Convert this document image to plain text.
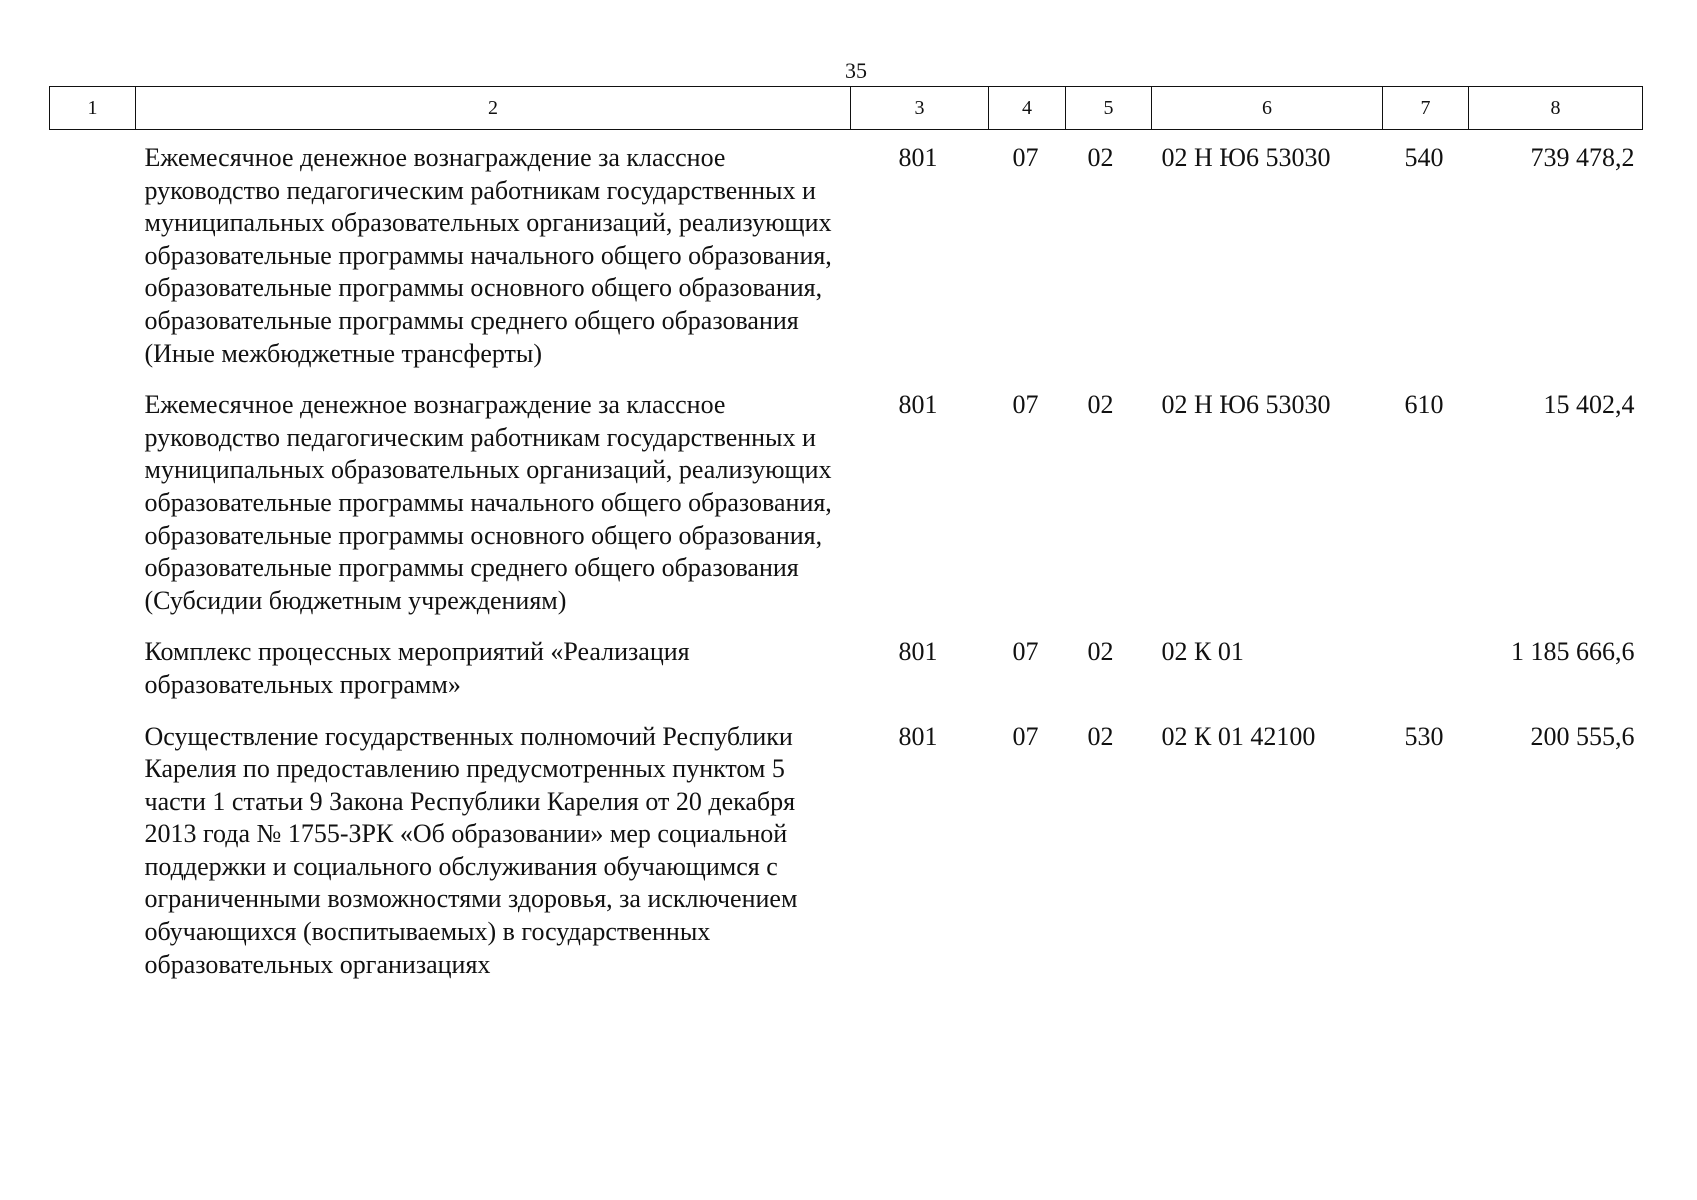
35
1	2	3	4	5	6	7	8
Ежемесячное денежное вознаграждение за классное руководство педагогическим работникам государственных и муниципальных образовательных организаций, реализующих образовательные программы начального общего образования, образовательные программы основного общего образования, образовательные программы среднего общего образования (Иные межбюджетные трансферты)		801	07	02	02 Н Ю6 53030	540	739 478,2
Ежемесячное денежное вознаграждение за классное руководство педагогическим работникам государственных и муниципальных образовательных организаций, реализующих образовательные программы начального общего образования, образовательные программы основного общего образования, образовательные программы среднего общего образования (Субсидии бюджетным учреждениям)		801	07	02	02 Н Ю6 53030	610	15 402,4
Комплекс процессных мероприятий «Реализация образовательных программ»		801	07	02	02 К 01		1 185 666,6
Осуществление государственных полномочий Республики Карелия по предоставлению предусмотренных пунктом 5 части 1 статьи 9 Закона Республики Карелия от 20 декабря 2013 года № 1755-ЗРК «Об образовании» мер социальной поддержки и социального обслуживания обучающимся с ограниченными возможностями здоровья, за исключением обучающихся (воспитываемых) в государственных образовательных организациях		801	07	02	02 К 01 42100	530	200 555,6
